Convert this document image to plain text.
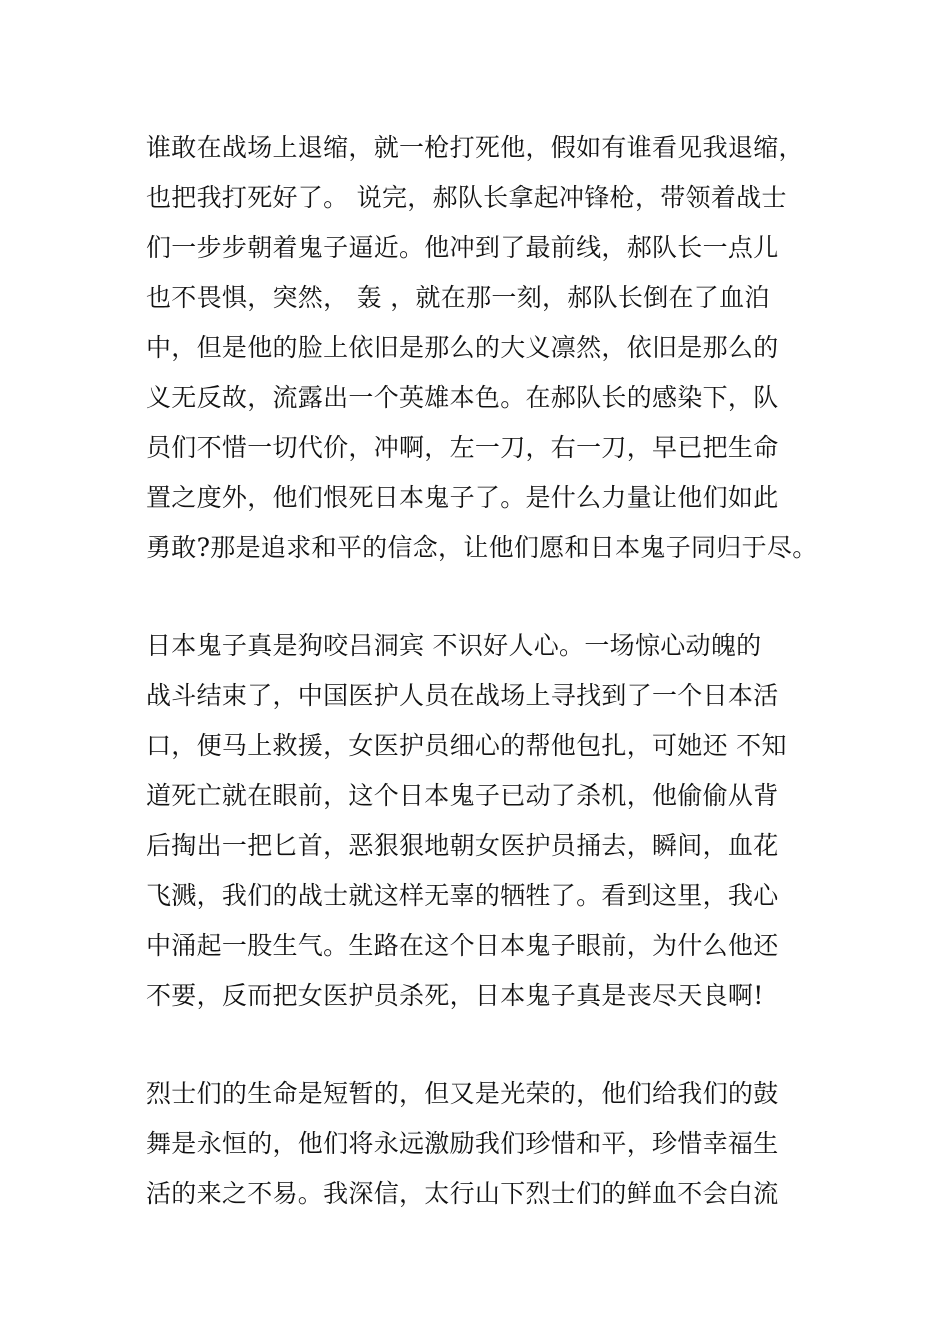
谁敢在战场上退缩，就一枪打死他，假如有谁看见我退缩，
也把我打死好了。 说完，郝队长拿起冲锋枪，带领着战士
们一步步朝着鬼子逼近。他冲到了最前线，郝队长一点儿
也不畏惧，突然， 轰 ，就在那一刻，郝队长倒在了血泊
中，但是他的脸上依旧是那么的大义凛然，依旧是那么的
义无反故，流露出一个英雄本色。在郝队长的感染下，队
员们不惜一切代价，冲啊，左一刀，右一刀，早已把生命
置之度外，他们恨死日本鬼子了。是什么力量让他们如此
勇敢?那是追求和平的信念，让他们愿和日本鬼子同归于尽。
日本鬼子真是狗咬吕洞宾 不识好人心。一场惊心动魄的
战斗结束了，中国医护人员在战场上寻找到了一个日本活
口，便马上救援，女医护员细心的帮他包扎，可她还 不知
道死亡就在眼前，这个日本鬼子已动了杀机，他偷偷从背
后掏出一把匕首，恶狠狠地朝女医护员捅去，瞬间，血花
飞溅，我们的战士就这样无辜的牺牲了。看到这里，我心
中涌起一股生气。生路在这个日本鬼子眼前，为什么他还
不要，反而把女医护员杀死，日本鬼子真是丧尽天良啊!
烈士们的生命是短暂的，但又是光荣的，他们给我们的鼓
舞是永恒的，他们将永远激励我们珍惜和平，珍惜幸福生
活的来之不易。我深信，太行山下烈士们的鲜血不会白流
